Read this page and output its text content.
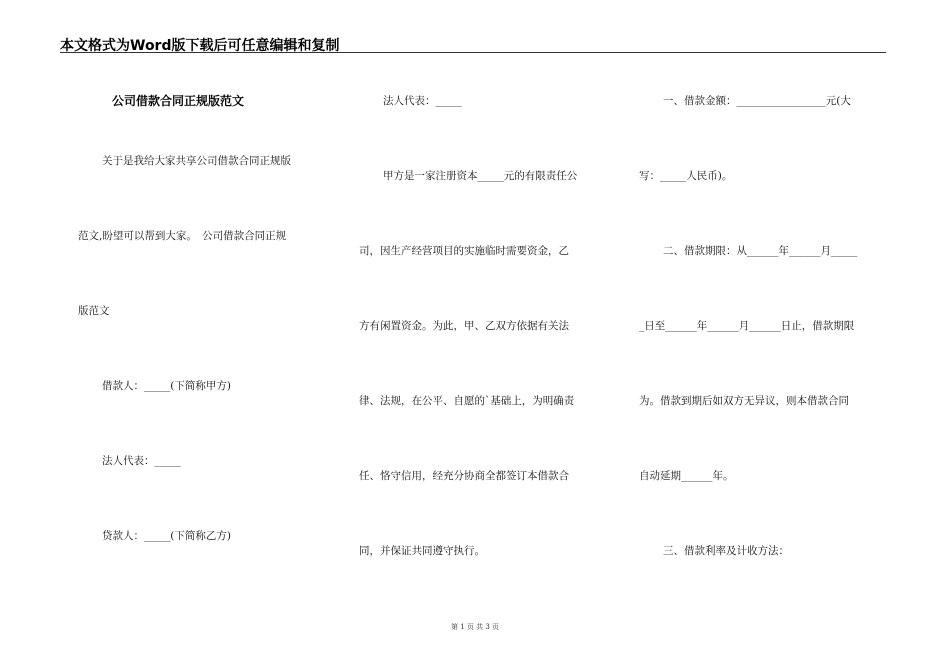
本文格式为Word版下载后可任意编辑和复制
公司借款合同正规版范文
关于是我给大家共享公司借款合同正规版
范文,盼望可以帮到大家。　公司借款合同正规
版范文
借款人：_____(下简称甲方)
法人代表：_____
贷款人：_____(下简称乙方)
法人代表：_____
甲方是一家注册资本_____元的有限责任公
司，因生产经营项目的实施临时需要资金，乙
方有闲置资金。为此，甲、乙双方依据有关法
律、法规，在公平、自愿的`基础上，为明确责
任、恪守信用，经充分协商全都签订本借款合
同，并保证共同遵守执行。
一、借款金额：_________________元(大
写：_____人民币)。
二、借款期限：从______年______月_____
_日至______年______月______日止，借款期限
为。借款到期后如双方无异议，则本借款合同
自动延期______年。
三、借款利率及计收方法：
第 1 页 共 3 页
